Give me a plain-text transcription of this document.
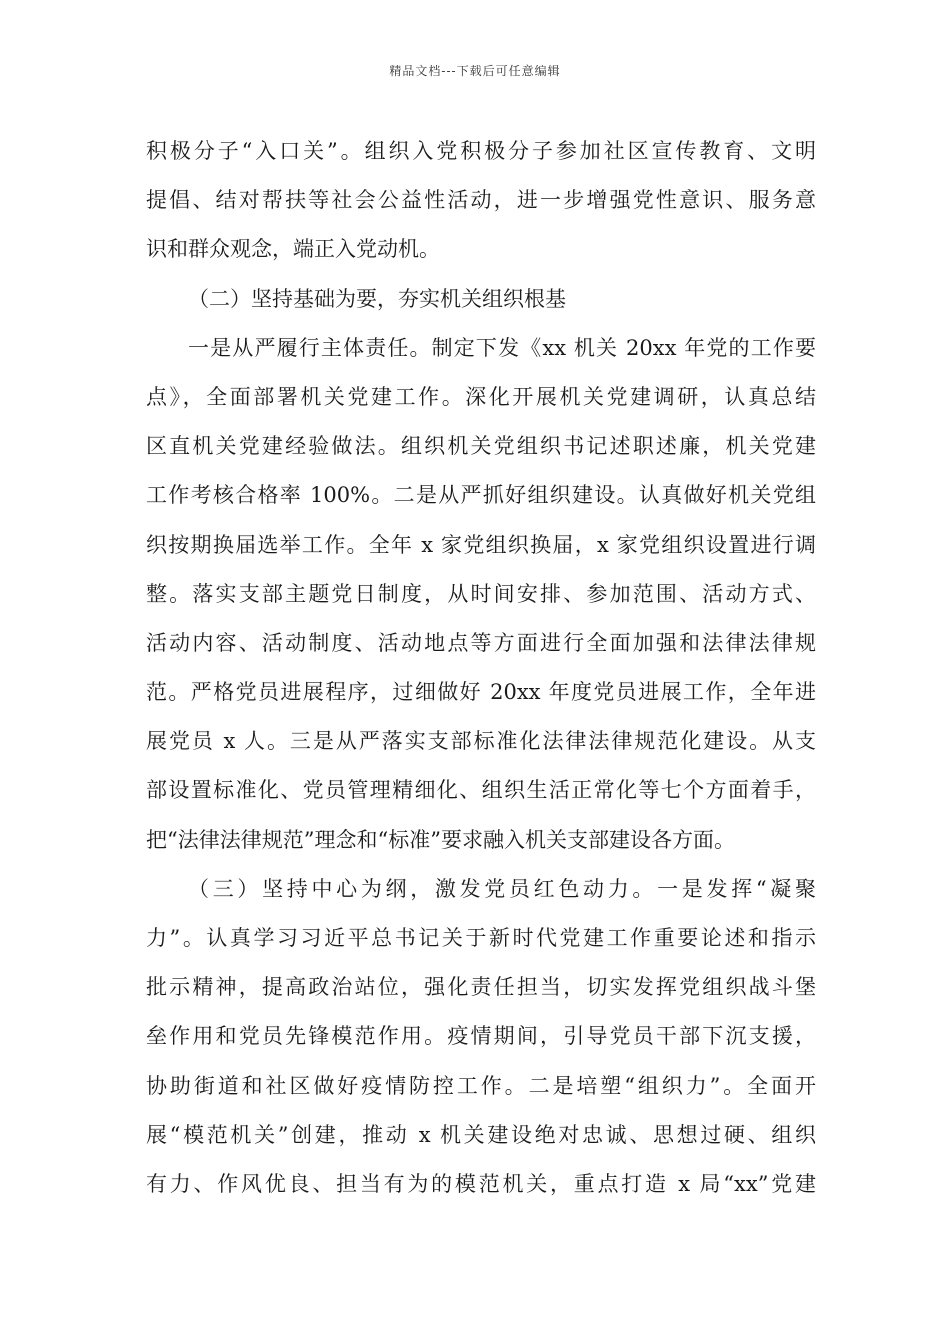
精品文档---下载后可任意编辑
积极分子“入口关”。组织入党积极分子参加社区宣传教育、文明
提倡、结对帮扶等社会公益性活动，进一步增强党性意识、服务意
识和群众观念，端正入党动机。
（二）坚持基础为要，夯实机关组织根基
一是从严履行主体责任。制定下发《xx 机关 20xx 年党的工作要
点》，全面部署机关党建工作。深化开展机关党建调研，认真总结
区直机关党建经验做法。组织机关党组织书记述职述廉，机关党建
工作考核合格率 100%。二是从严抓好组织建设。认真做好机关党组
织按期换届选举工作。全年 x 家党组织换届，x 家党组织设置进行调
整。落实支部主题党日制度，从时间安排、参加范围、活动方式、
活动内容、活动制度、活动地点等方面进行全面加强和法律法律规
范。严格党员进展程序，过细做好 20xx 年度党员进展工作，全年进
展党员 x 人。三是从严落实支部标准化法律法律规范化建设。从支
部设置标准化、党员管理精细化、组织生活正常化等七个方面着手，
把“法律法律规范”理念和“标准”要求融入机关支部建设各方面。
（三）坚持中心为纲，激发党员红色动力。一是发挥“凝聚
力”。认真学习习近平总书记关于新时代党建工作重要论述和指示
批示精神，提高政治站位，强化责任担当，切实发挥党组织战斗堡
垒作用和党员先锋模范作用。疫情期间，引导党员干部下沉支援，
协助街道和社区做好疫情防控工作。二是培塑“组织力”。全面开
展“模范机关”创建，推动 x 机关建设绝对忠诚、思想过硬、组织
有力、作风优良、担当有为的模范机关，重点打造 x 局“xx”党建
